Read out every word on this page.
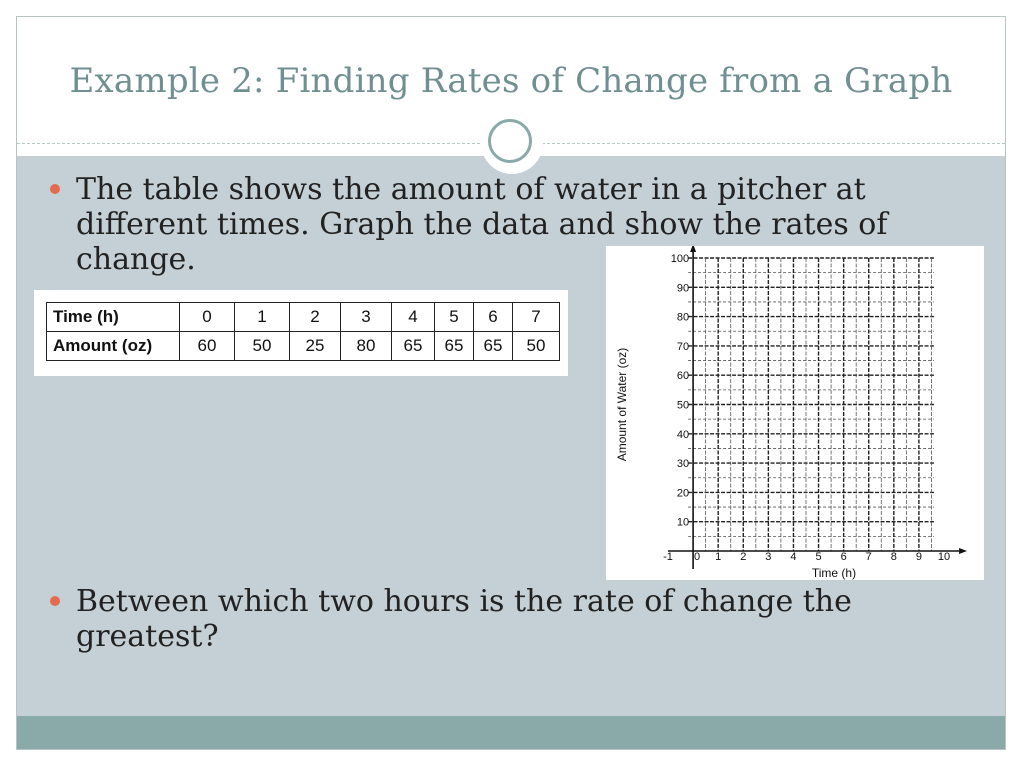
Example 2: Finding Rates of Change from a Graph
The table shows the amount of water in a pitcher at different times. Graph the data and show the rates of change.
Time (h)	0	1	2	3	4	5	6	7
Amount (oz)	60	50	25	80	65	65	65	50
-1 0 1 2 3 4 5 6 7 8 9 10
10
20
30
40
50
60
70
80
90
100
Time (h)
Amount of Water (oz)
Between which two hours is the rate of change the greatest?
